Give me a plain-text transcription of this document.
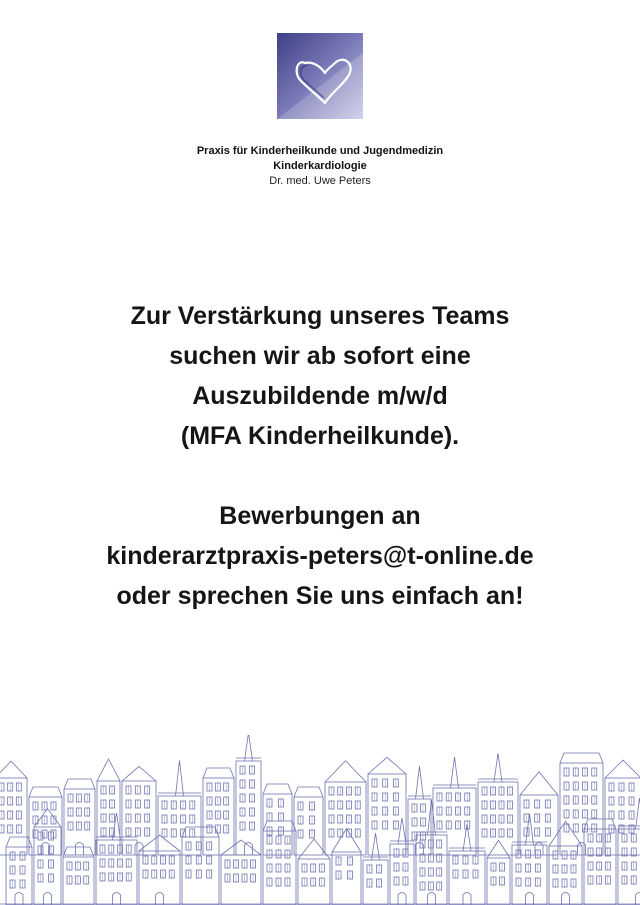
Praxis für Kinderheilkunde und Jugendmedizin
Kinderkardiologie
Dr. med. Uwe Peters

Zur Verstärkung unseres Teams

suchen wir ab sofort eine

Auszubildende m/w/d

(MFA Kinderheilkunde).

Bewerbungen an

kinderarztpraxis-peters@t-online.de

oder sprechen Sie uns einfach an!
